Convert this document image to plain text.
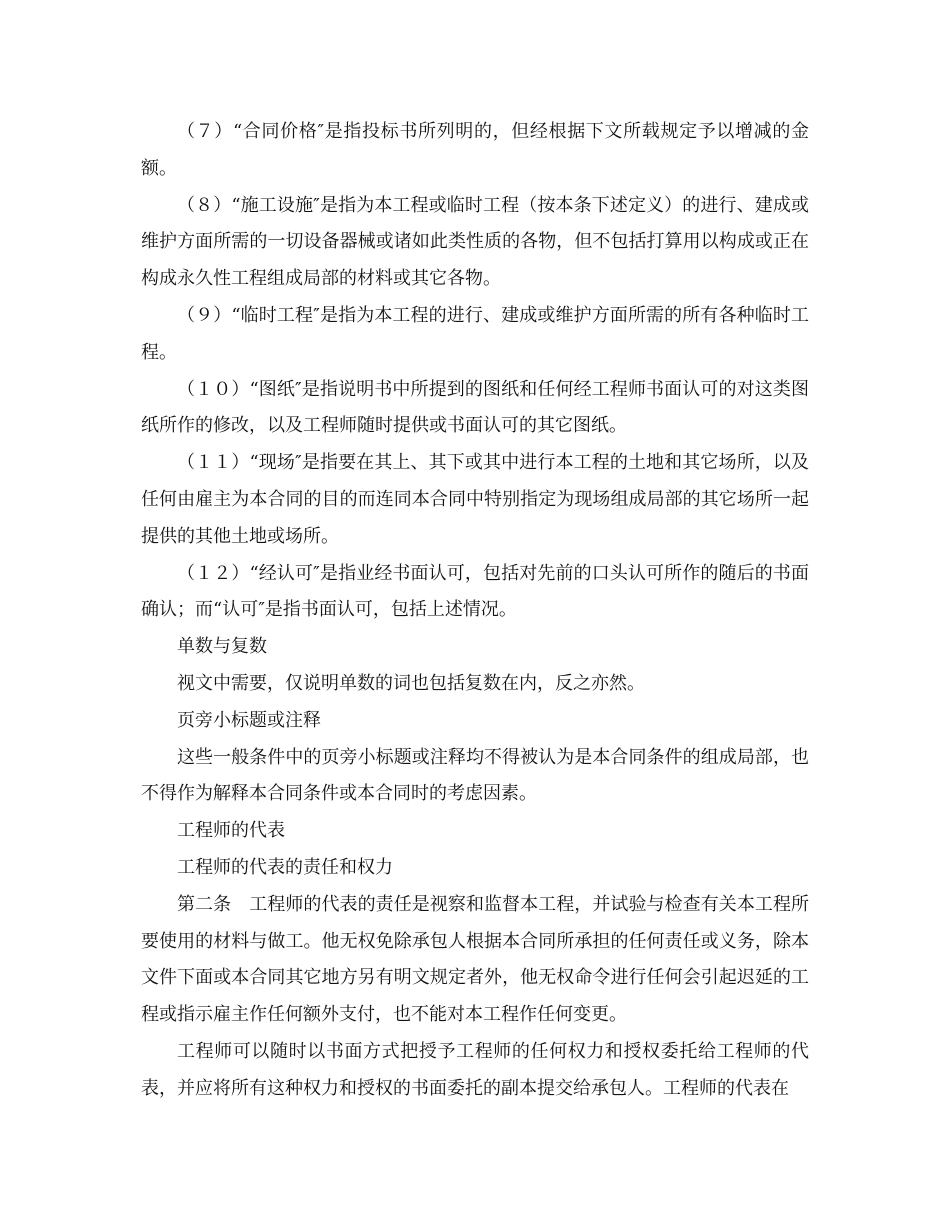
（７）“合同价格″是指投标书所列明的，但经根据下文所载规定予以增减的金额。

（８）“施工设施″是指为本工程或临时工程（按本条下述定义）的进行、建成或维护方面所需的一切设备器械或诸如此类性质的各物，但不包括打算用以构成或正在构成永久性工程组成局部的材料或其它各物。

（９）“临时工程″是指为本工程的进行、建成或维护方面所需的所有各种临时工程。

（１０）“图纸″是指说明书中所提到的图纸和任何经工程师书面认可的对这类图纸所作的修改，以及工程师随时提供或书面认可的其它图纸。

（１１）“现场″是指要在其上、其下或其中进行本工程的土地和其它场所，以及任何由雇主为本合同的目的而连同本合同中特别指定为现场组成局部的其它场所一起提供的其他土地或场所。

（１２）“经认可″是指业经书面认可，包括对先前的口头认可所作的随后的书面确认；而“认可″是指书面认可，包括上述情况。

单数与复数

视文中需要，仅说明单数的词也包括复数在内，反之亦然。

页旁小标题或注释

这些一般条件中的页旁小标题或注释均不得被认为是本合同条件的组成局部，也不得作为解释本合同条件或本合同时的考虑因素。

工程师的代表

工程师的代表的责任和权力

第二条　工程师的代表的责任是视察和监督本工程，并试验与检查有关本工程所要使用的材料与做工。他无权免除承包人根据本合同所承担的任何责任或义务，除本文件下面或本合同其它地方另有明文规定者外，他无权命令进行任何会引起迟延的工程或指示雇主作任何额外支付，也不能对本工程作任何变更。

工程师可以随时以书面方式把授予工程师的任何权力和授权委托给工程师的代表，并应将所有这种权力和授权的书面委托的副本提交给承包人。工程师的代表在
